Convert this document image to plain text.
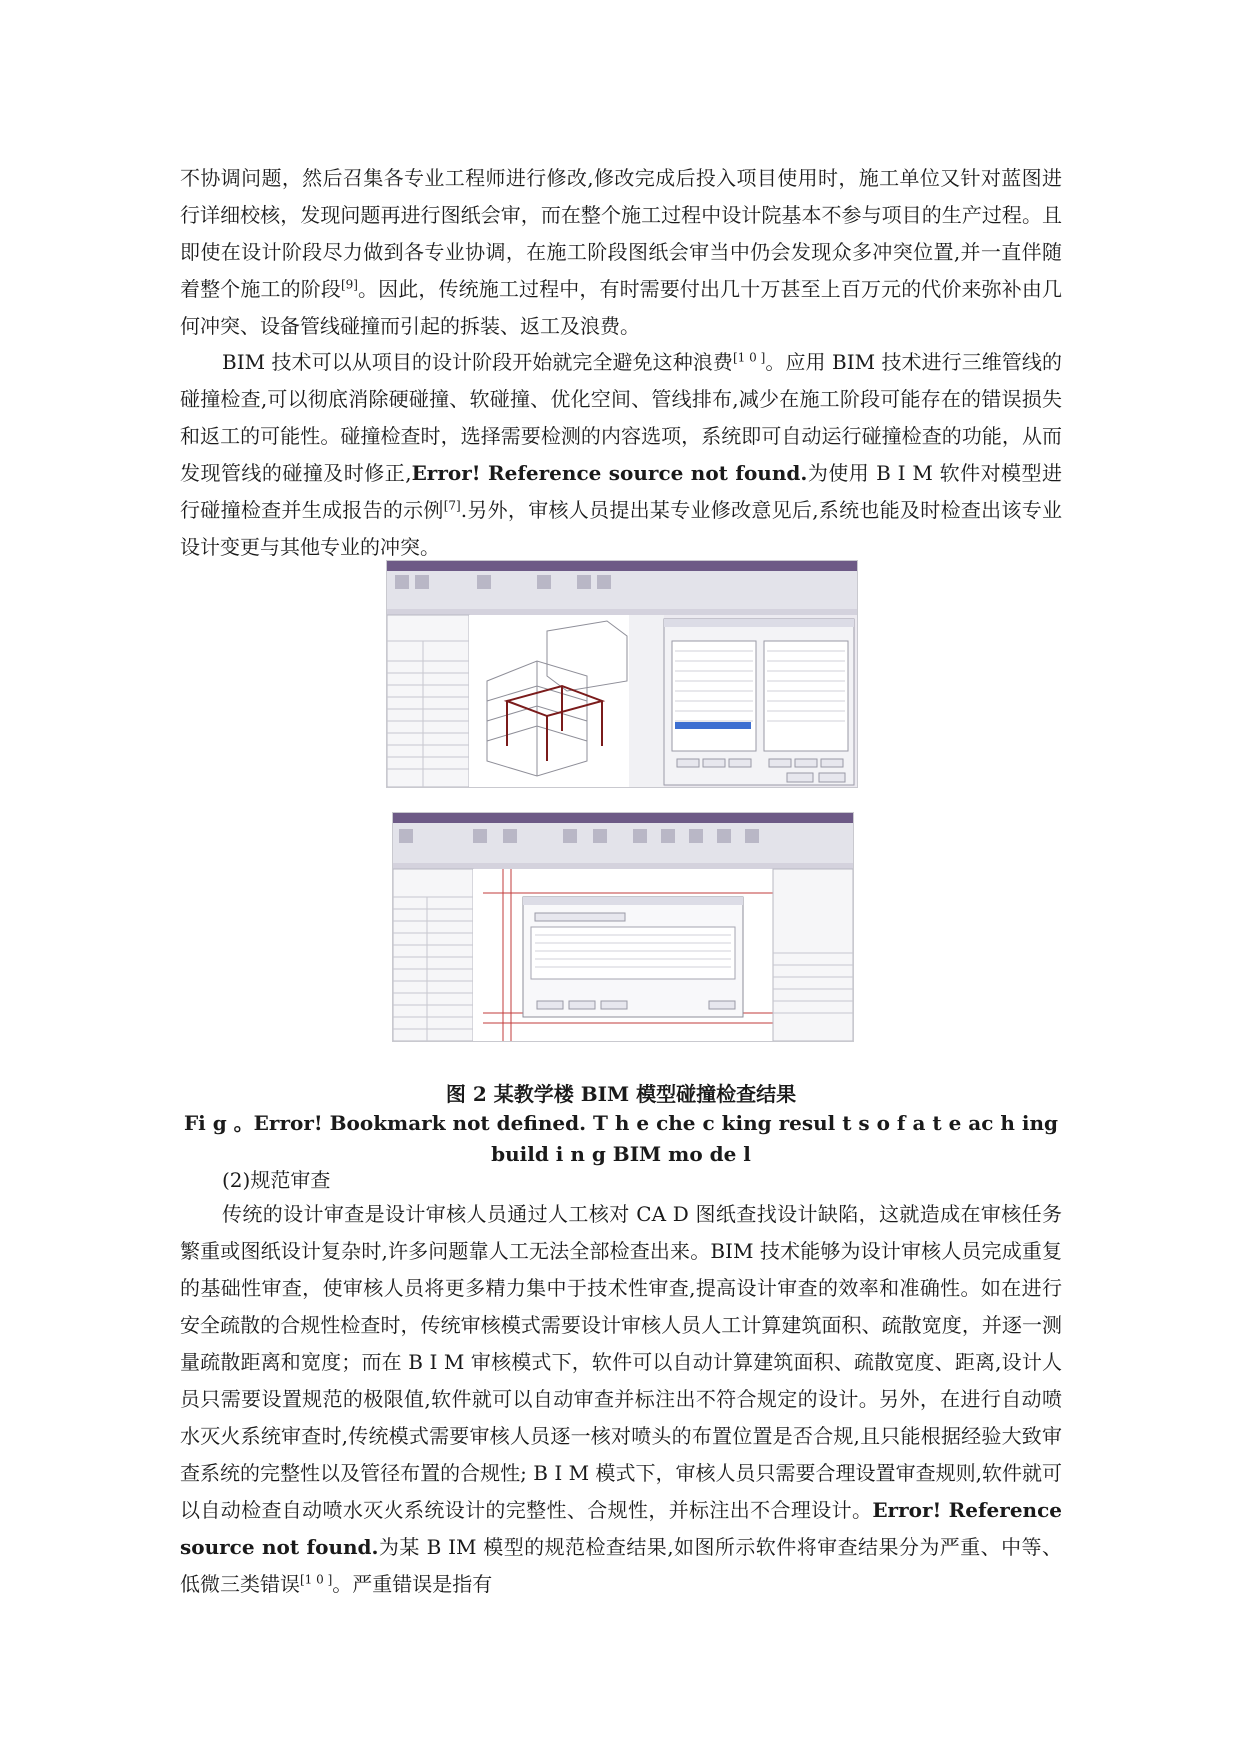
不协调问题，然后召集各专业工程师进行修改,修改完成后投入项目使用时，施工单位又针对蓝图进行详细校核，发现问题再进行图纸会审，而在整个施工过程中设计院基本不参与项目的生产过程。且即使在设计阶段尽力做到各专业协调，在施工阶段图纸会审当中仍会发现众多冲突位置,并一直伴随着整个施工的阶段[9]。因此，传统施工过程中，有时需要付出几十万甚至上百万元的代价来弥补由几何冲突、设备管线碰撞而引起的拆装、返工及浪费。

BIM 技术可以从项目的设计阶段开始就完全避免这种浪费[1 0 ]。应用 BIM 技术进行三维管线的碰撞检查,可以彻底消除硬碰撞、软碰撞、优化空间、管线排布,减少在施工阶段可能存在的错误损失和返工的可能性。碰撞检查时，选择需要检测的内容选项，系统即可自动运行碰撞检查的功能，从而发现管线的碰撞及时修正,Error! Reference source not found.为使用 B I M 软件对模型进行碰撞检查并生成报告的示例[7].另外，审核人员提出某专业修改意见后,系统也能及时检查出该专业设计变更与其他专业的冲突。

图 2 某教学楼 BIM 模型碰撞检查结果
Fi g 。Error! Bookmark not defined. T h e che c king resul t s o f a t e ac h ing build i n g BIM mo de l
(2)规范审查

传统的设计审查是设计审核人员通过人工核对 CA D 图纸查找设计缺陷，这就造成在审核任务繁重或图纸设计复杂时,许多问题靠人工无法全部检查出来。BIM 技术能够为设计审核人员完成重复的基础性审查，使审核人员将更多精力集中于技术性审查,提高设计审查的效率和准确性。如在进行安全疏散的合规性检查时，传统审核模式需要设计审核人员人工计算建筑面积、疏散宽度，并逐一测量疏散距离和宽度；而在 B I M 审核模式下，软件可以自动计算建筑面积、疏散宽度、距离,设计人员只需要设置规范的极限值,软件就可以自动审查并标注出不符合规定的设计。另外，在进行自动喷水灭火系统审查时,传统模式需要审核人员逐一核对喷头的布置位置是否合规,且只能根据经验大致审查系统的完整性以及管径布置的合规性; B I M 模式下，审核人员只需要合理设置审查规则,软件就可以自动检查自动喷水灭火系统设计的完整性、合规性，并标注出不合理设计。Error! Reference source not found.为某 B IM 模型的规范检查结果,如图所示软件将审查结果分为严重、中等、低微三类错误[1 0 ]。严重错误是指有
